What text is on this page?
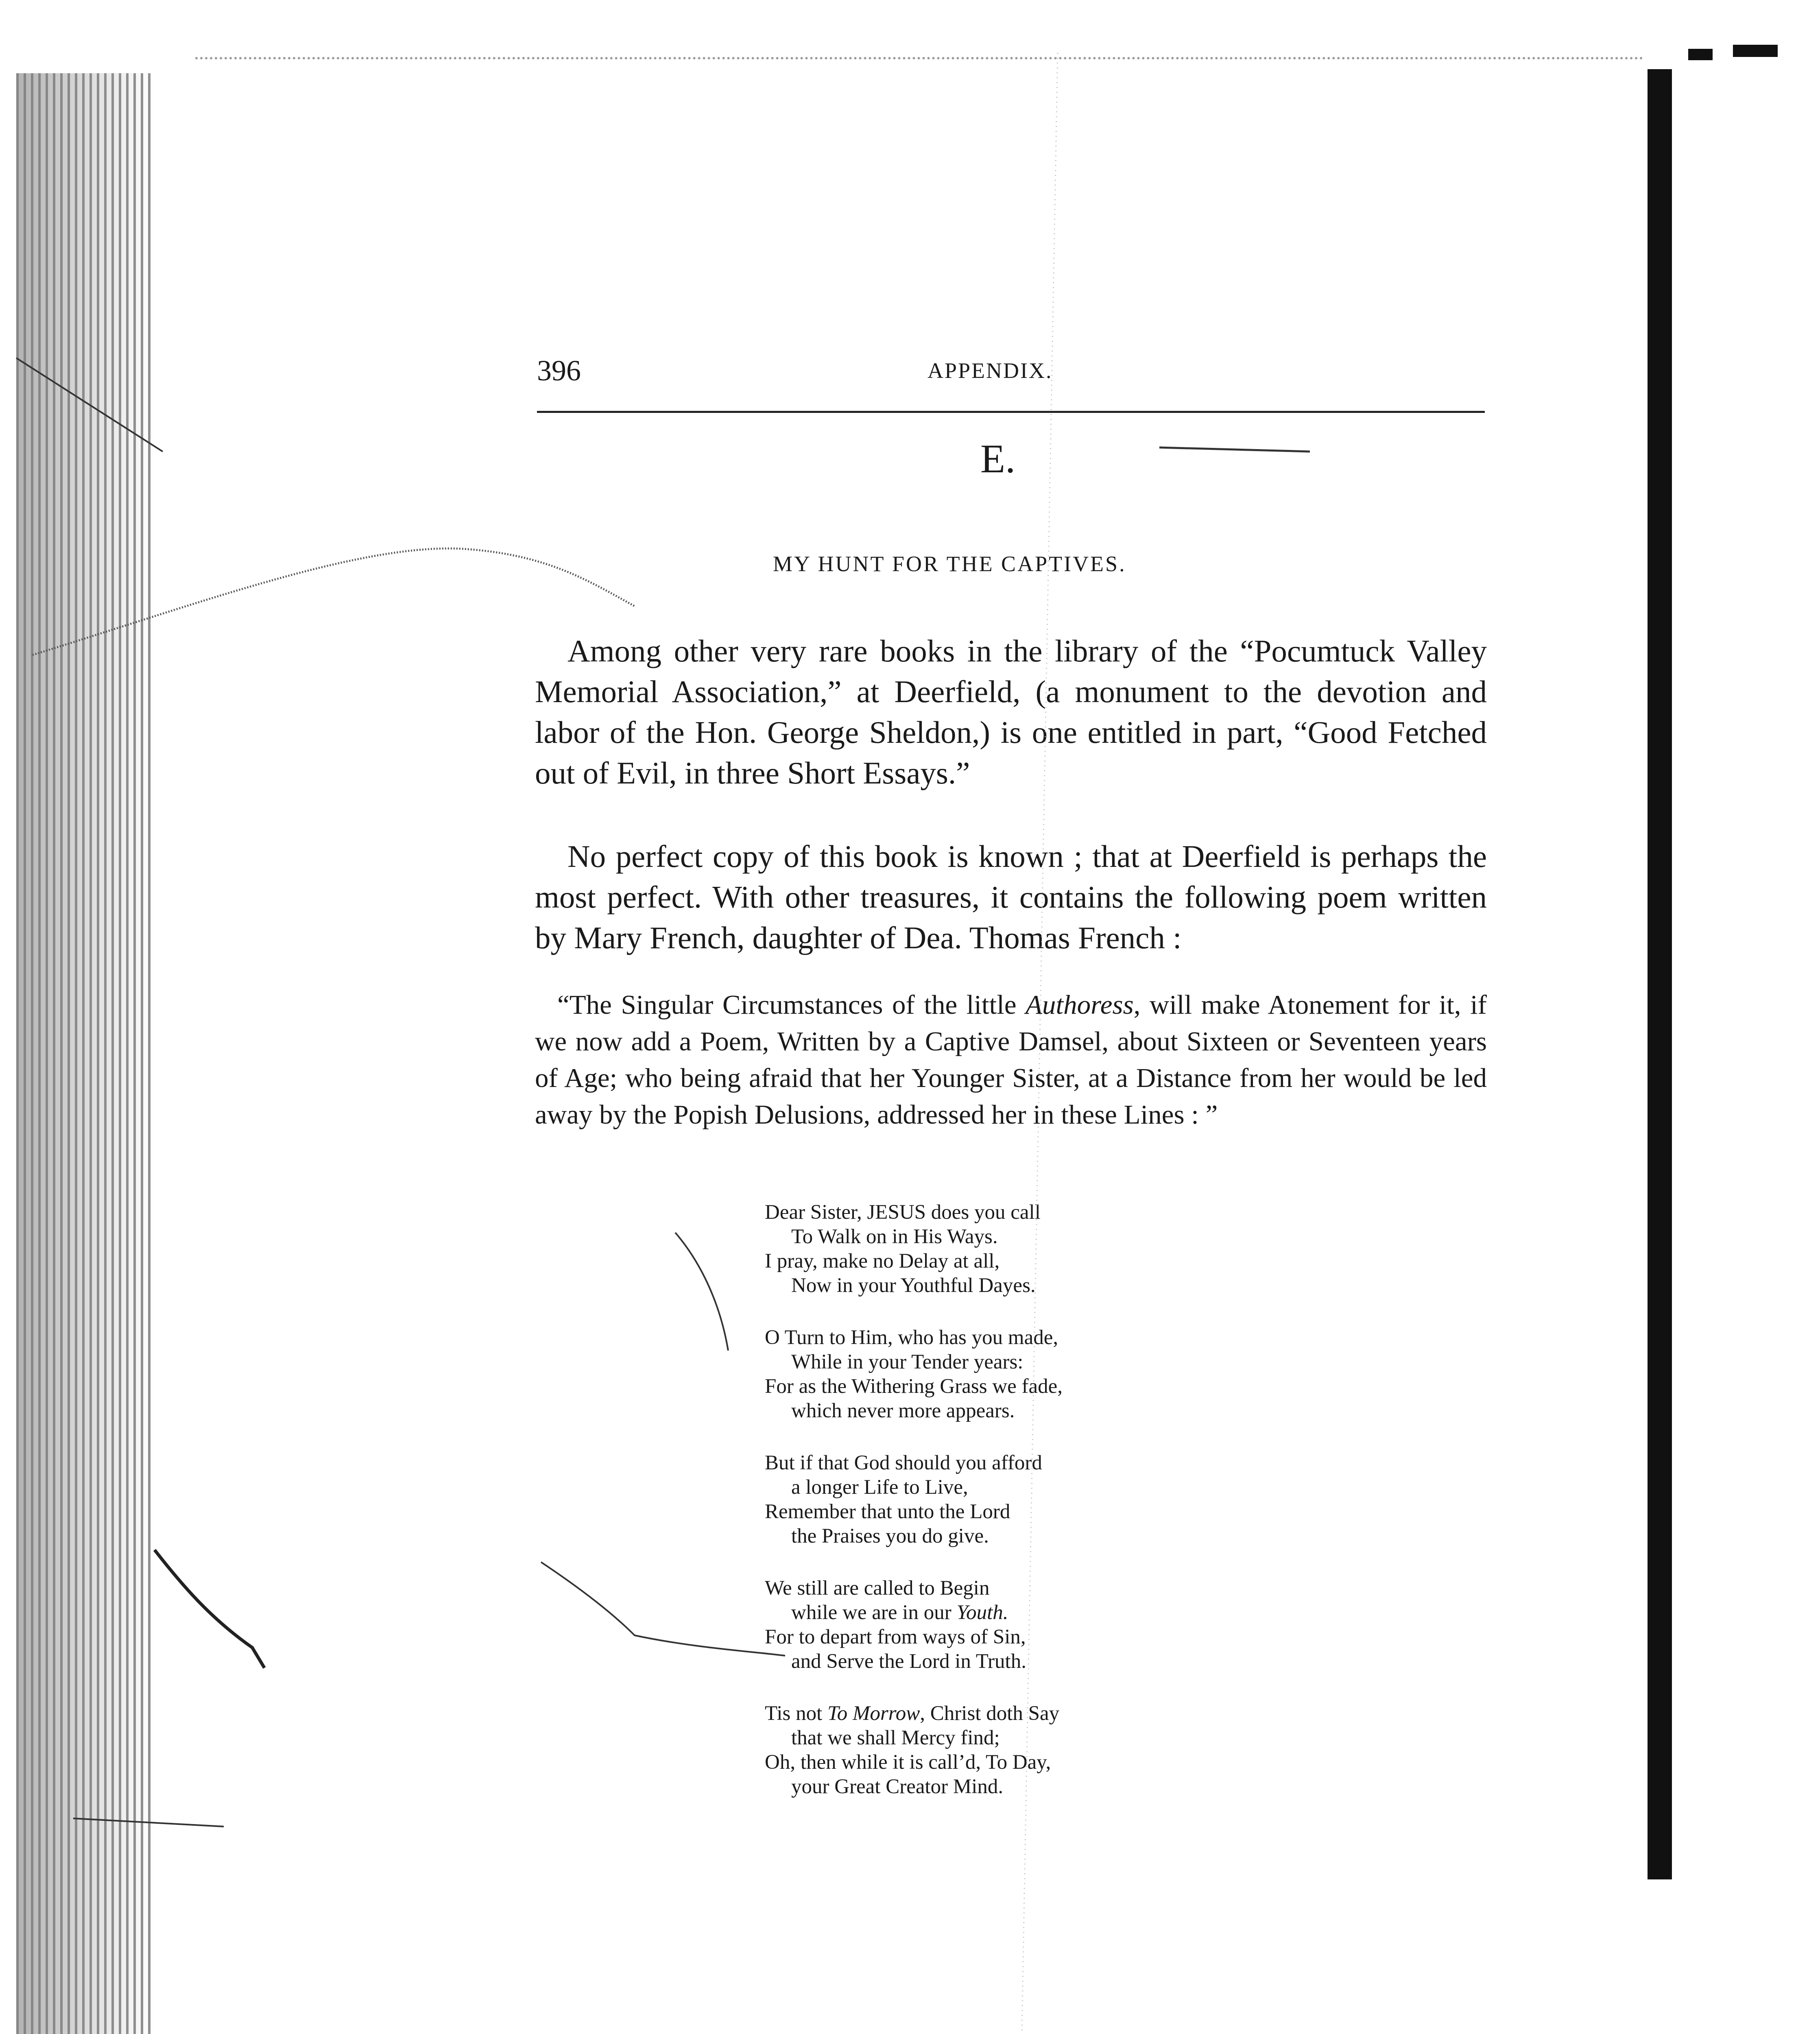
396	APPENDIX.
E.
MY HUNT FOR THE CAPTIVES.

Among other very rare books in the library of the “Pocumtuck Valley Memorial Association,” at Deerfield, (a monument to the devotion and labor of the Hon. George Sheldon,) is one entitled in part, “Good Fetched out of Evil, in three Short Essays.”

No perfect copy of this book is known ; that at Deerfield is perhaps the most perfect. With other treasures, it contains the following poem written by Mary French, daughter of Dea. Thomas French :

“The Singular Circumstances of the little Authoress, will make Atonement for it, if we now add a Poem, Written by a Captive Damsel, about Sixteen or Seventeen years of Age; who being afraid that her Younger Sister, at a Distance from her would be led away by the Popish Delusions, addressed her in these Lines : ”

Dear Sister, JESUS does you call
To Walk on in His Ways.
I pray, make no Delay at all,
Now in your Youthful Dayes.
O Turn to Him, who has you made,
While in your Tender years:
For as the Withering Grass we fade,
which never more appears.
But if that God should you afford
a longer Life to Live,
Remember that unto the Lord
the Praises you do give.
We still are called to Begin
while we are in our Youth.
For to depart from ways of Sin,
and Serve the Lord in Truth.
Tis not To Morrow, Christ doth Say
that we shall Mercy find;
Oh, then while it is call’d, To Day,
your Great Creator Mind.
